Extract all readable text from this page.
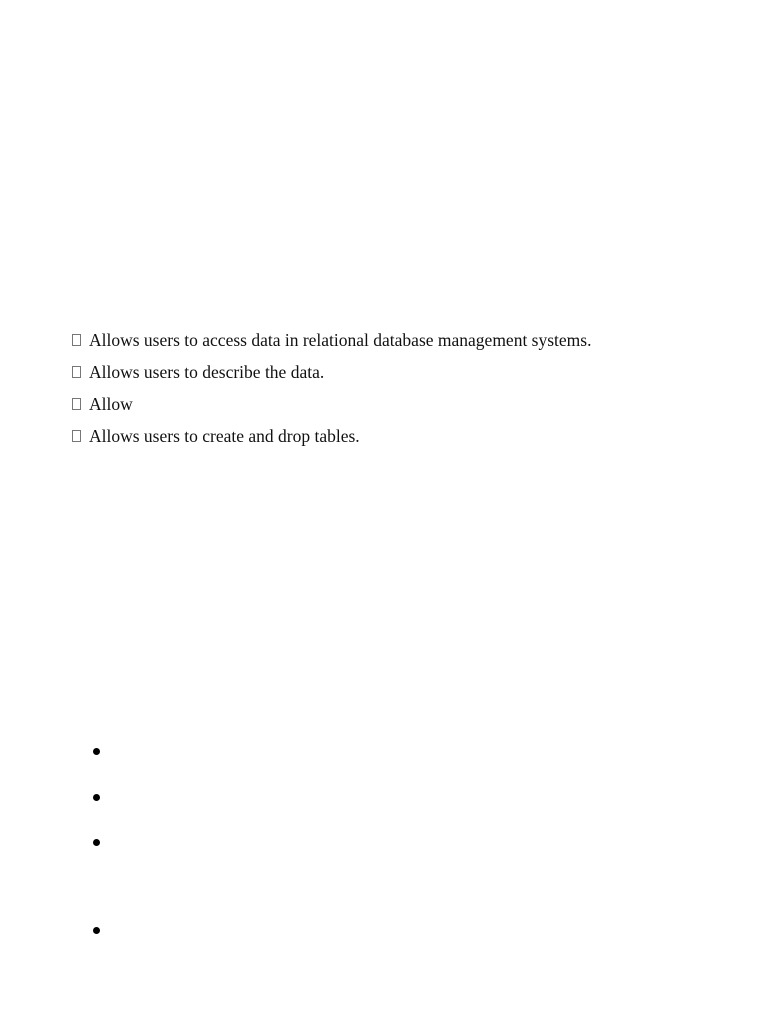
Allows users to access data in relational database management systems.
Allows users to describe the data.
Allow
Allows users to create and drop tables.
